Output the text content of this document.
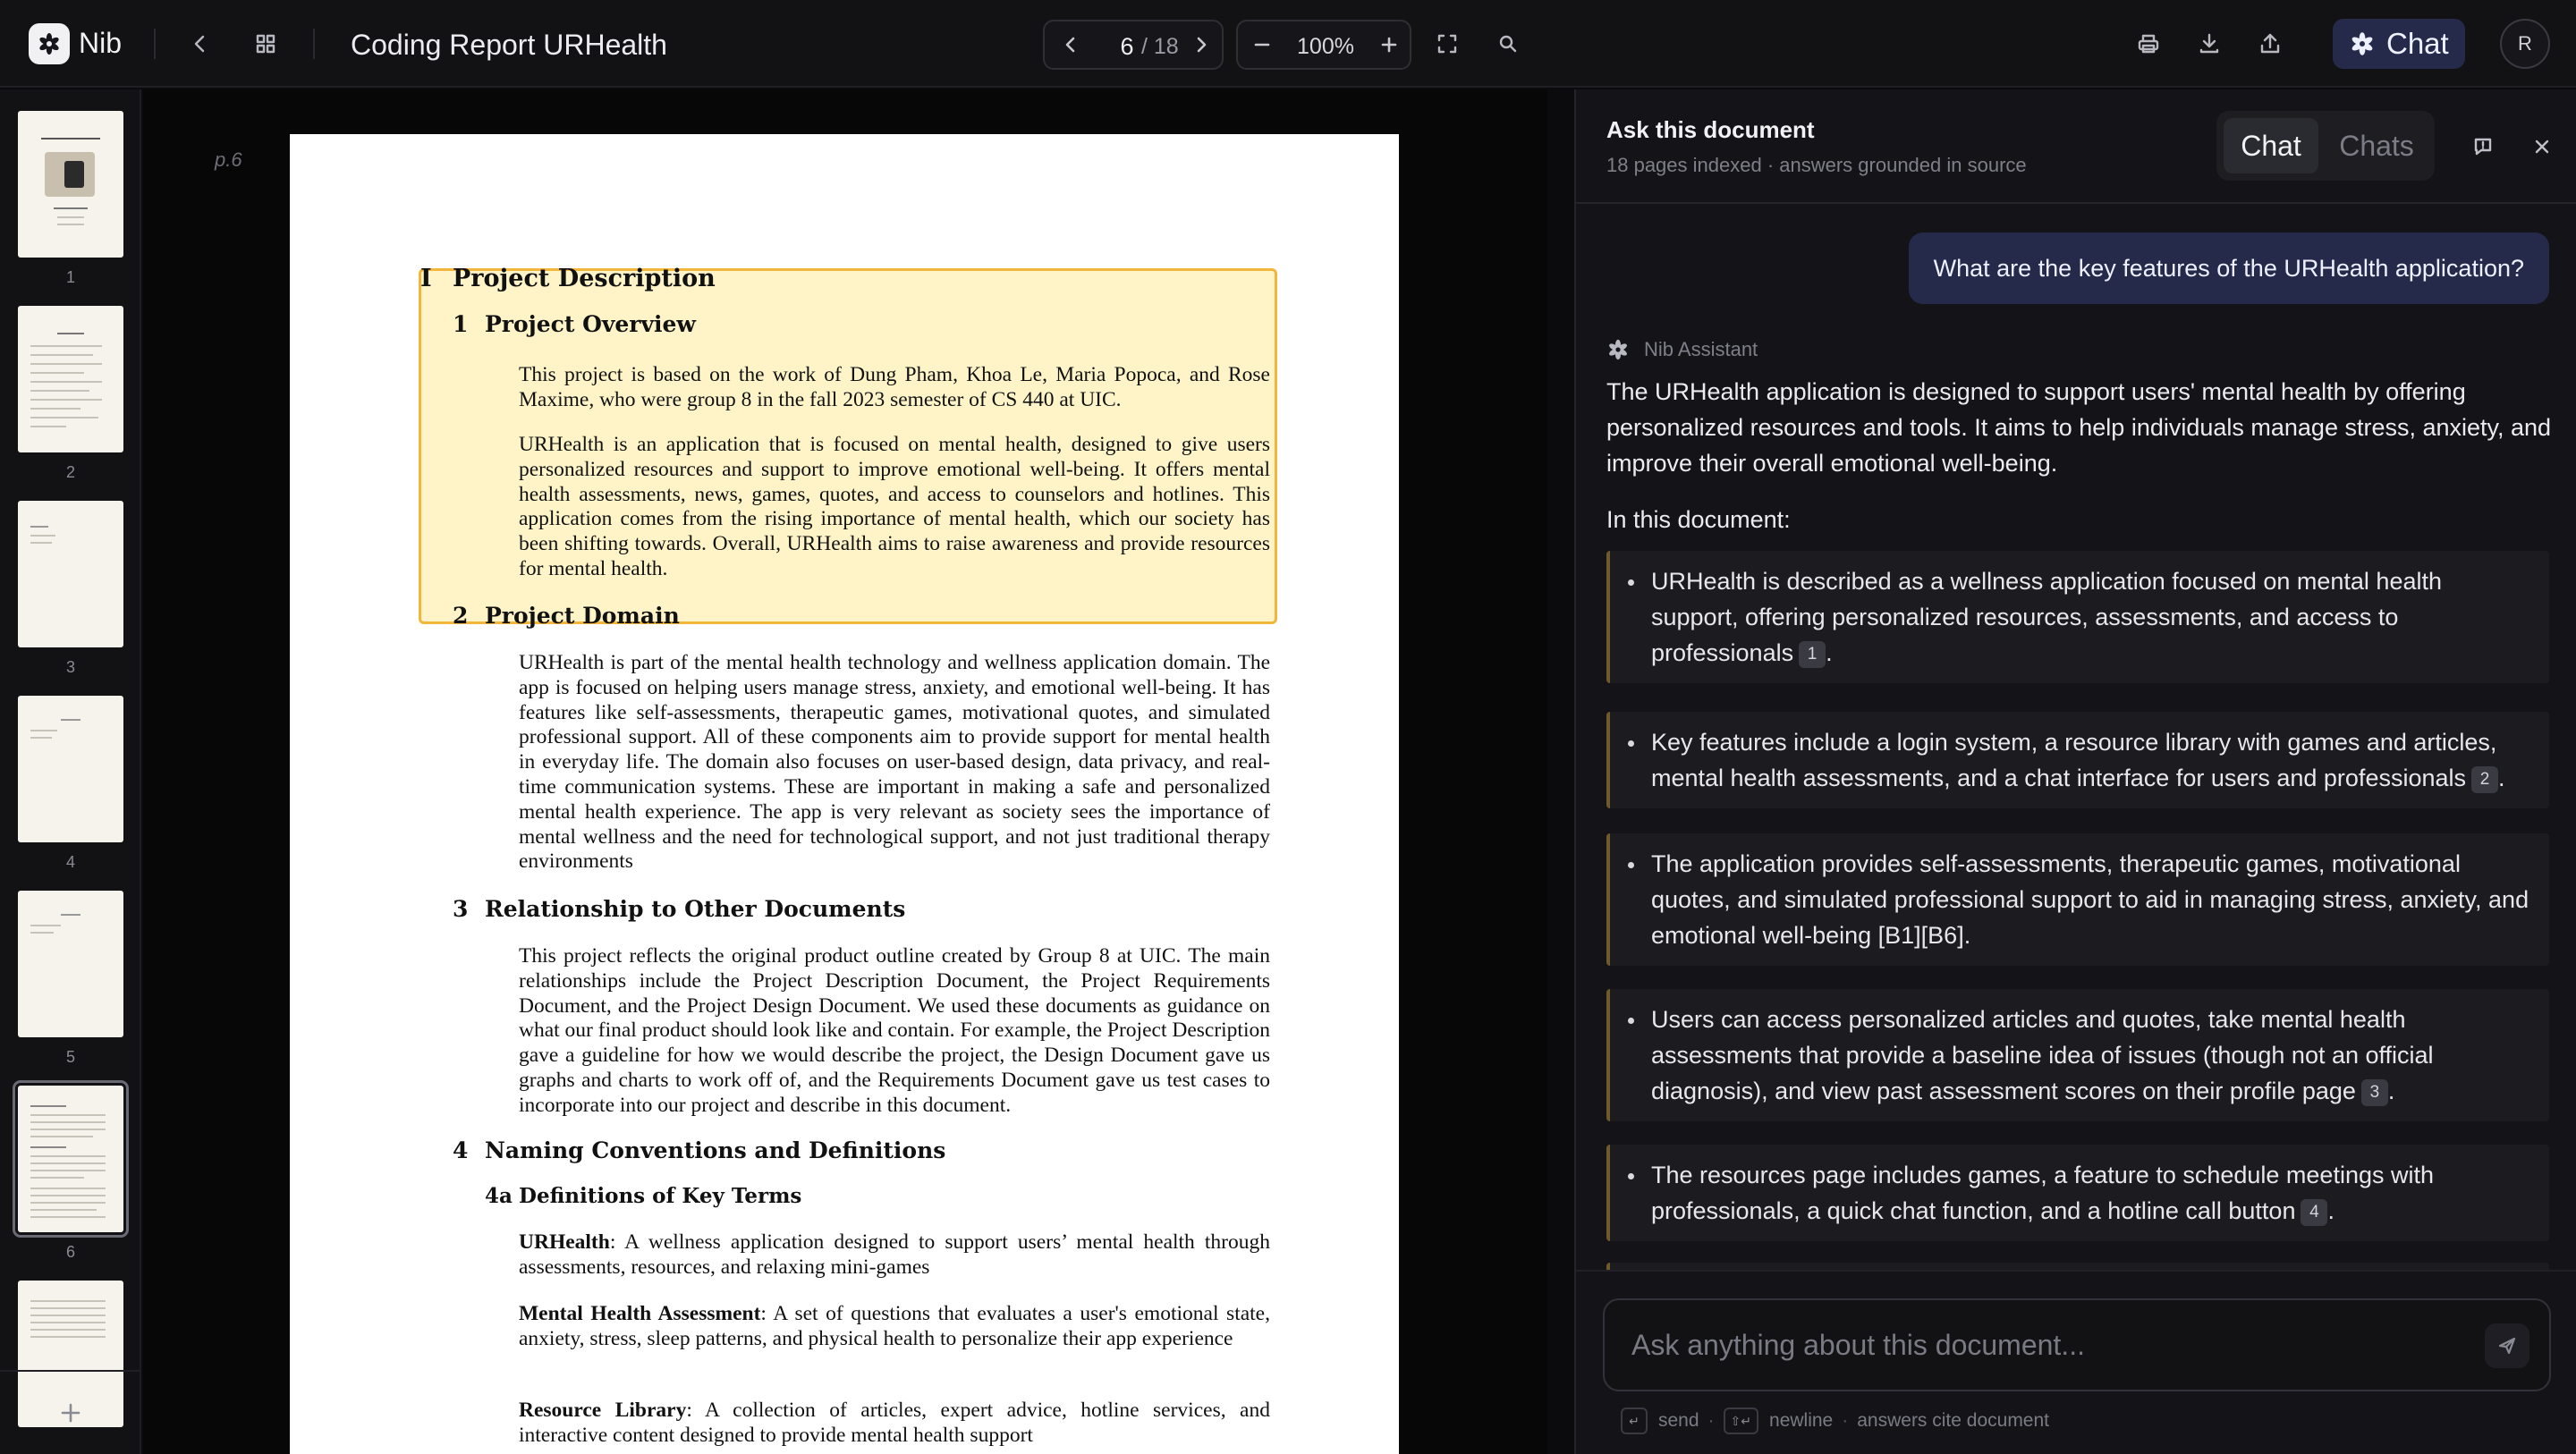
Nib	Coding Report URHealth	6 / 18	100%	Chat	R
1
2
3
4
5
6
p.6
I Project Description
1 Project Overview
This project is based on the work of Dung Pham, Khoa Le, Maria Popoca, and Rose Maxime, who were group 8 in the fall 2023 semester of CS 440 at UIC.
URHealth is an application that is focused on mental health, designed to give users personalized resources and support to improve emotional well-being. It offers mental health assessments, news, games, quotes, and access to counselors and hotlines. This application comes from the rising importance of mental health, which our society has been shifting towards. Overall, URHealth aims to raise awareness and provide resources for mental health.
2 Project Domain
URHealth is part of the mental health technology and wellness application domain. The app is focused on helping users manage stress, anxiety, and emotional well-being. It has features like self-assessments, therapeutic games, motivational quotes, and simulated professional support. All of these components aim to provide support for mental health in everyday life. The domain also focuses on user-based design, data privacy, and real-time communication systems. These are important in making a safe and personalized mental health experience. The app is very relevant as society sees the importance of mental wellness and the need for technological support, and not just traditional therapy environments
3 Relationship to Other Documents
This project reflects the original product outline created by Group 8 at UIC. The main relationships include the Project Description Document, the Project Requirements Document, and the Project Design Document. We used these documents as guidance on what our final product should look like and contain. For example, the Project Description gave a guideline for how we would describe the project, the Design Document gave us graphs and charts to work off of, and the Requirements Document gave us test cases to incorporate into our project and describe in this document.
4 Naming Conventions and Definitions
4a Definitions of Key Terms
URHealth: A wellness application designed to support users’ mental health through assessments, resources, and relaxing mini-games
Mental Health Assessment: A set of questions that evaluates a user's emotional state, anxiety, stress, sleep patterns, and physical health to personalize their app experience
Resource Library: A collection of articles, expert advice, hotline services, and interactive content designed to provide mental health support
Ask this document
18 pages indexed · answers grounded in source
Chat	Chats
What are the key features of the URHealth application?
Nib Assistant
The URHealth application is designed to support users' mental health by offering personalized resources and tools. It aims to help individuals manage stress, anxiety, and improve their overall emotional well-being.
In this document:
URHealth is described as a wellness application focused on mental health support, offering personalized resources, assessments, and access to professionals 1 .
Key features include a login system, a resource library with games and articles, mental health assessments, and a chat interface for users and professionals 2 .
The application provides self-assessments, therapeutic games, motivational quotes, and simulated professional support to aid in managing stress, anxiety, and emotional well-being [B1][B6].
Users can access personalized articles and quotes, take mental health assessments that provide a baseline idea of issues (though not an official diagnosis), and view past assessment scores on their profile page 3 .
The resources page includes games, a feature to schedule meetings with professionals, a quick chat function, and a hotline call button 4 .
Ask anything about this document...
↵	send ·	⇧↵ newline · answers cite document
